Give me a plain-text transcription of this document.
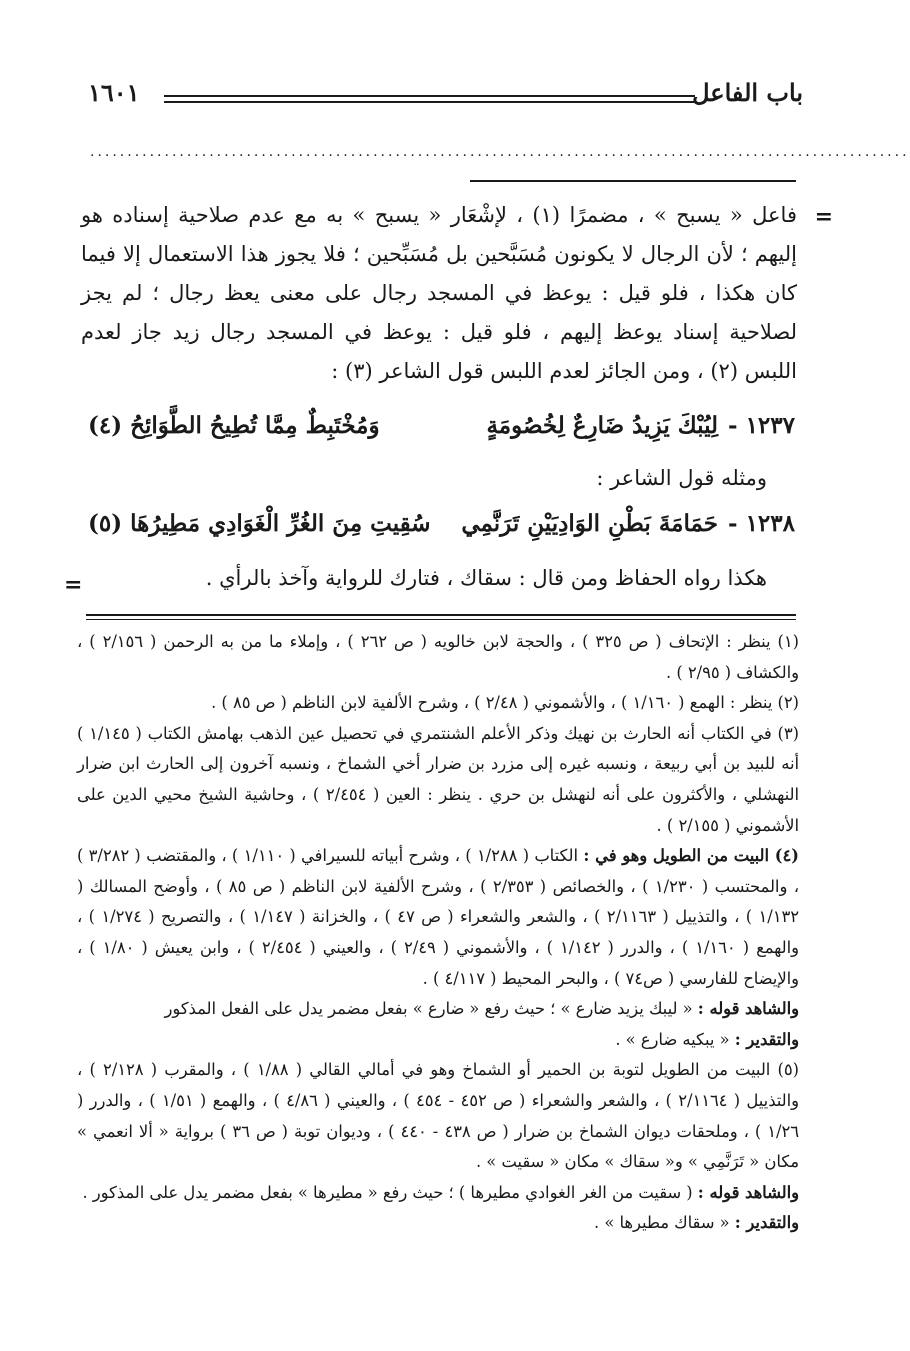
باب الفاعل
١٦٠١
..............................................................................................................
=
=

فاعل « يسبح » ، مضمرًا (١) ، لإشْعَار « يسبح » به مع عدم صلاحية إسناده هو إليهم ؛ لأن الرجال لا يكونون مُسَبَّحين بل مُسَبِّحين ؛ فلا يجوز هذا الاستعمال إلا فيما كان هكذا ، فلو قيل : يوعظ في المسجد رجال على معنى يعظ رجال ؛ لم يجز لصلاحية إسناد يوعظ إليهم ، فلو قيل : يوعظ في المسجد رجال زيد جاز لعدم اللبس (٢) ، ومن الجائز لعدم اللبس قول الشاعر (٣) :

١٢٣٧ -لِيُبْكَ يَزِيدُ ضَارِعٌ لِخُصُومَةٍ
وَمُخْتَبِطٌ مِمَّا تُطِيحُ الطَّوَائِحُ (٤)
ومثله قول الشاعر :
١٢٣٨ -حَمَامَةَ بَطْنِ الوَادِيَيْنِ تَرَنَّمِي
سُقِيتِ مِنَ الغُرِّ الْغَوَادِي مَطِيرُهَا (٥)
هكذا رواه الحفاظ ومن قال : سقاك ، فتارك للرواية وآخذ بالرأي .

(١) ينظر : الإتحاف ( ص ٣٢٥ ) ، والحجة لابن خالويه ( ص ٢٦٢ ) ، وإملاء ما من به الرحمن ( ٢/١٥٦ ) ، والكشاف ( ٢/٩٥ ) .

(٢) ينظر : الهمع ( ١/١٦٠ ) ، والأشموني ( ٢/٤٨ ) ، وشرح الألفية لابن الناظم ( ص ٨٥ ) .

(٣) في الكتاب أنه الحارث بن نهيك وذكر الأعلم الشنتمري في تحصيل عين الذهب بهامش الكتاب ( ١/١٤٥ ) أنه للبيد بن أبي ربيعة ، ونسبه غيره إلى مزرد بن ضرار أخي الشماخ ، ونسبه آخرون إلى الحارث ابن ضرار النهشلي ، والأكثرون على أنه لنهشل بن حري . ينظر : العين ( ٢/٤٥٤ ) ، وحاشية الشيخ محيي الدين على الأشموني ( ٢/١٥٥ ) .

(٤) البيت من الطويل وهو في : الكتاب ( ١/٢٨٨ ) ، وشرح أبياته للسيرافي ( ١/١١٠ ) ، والمقتضب ( ٣/٢٨٢ ) ، والمحتسب ( ١/٢٣٠ ) ، والخصائص ( ٢/٣٥٣ ) ، وشرح الألفية لابن الناظم ( ص ٨٥ ) ، وأوضح المسالك ( ١/١٣٢ ) ، والتذييل ( ٢/١١٦٣ ) ، والشعر والشعراء ( ص ٤٧ ) ، والخزانة ( ١/١٤٧ ) ، والتصريح ( ١/٢٧٤ ) ، والهمع ( ١/١٦٠ ) ، والدرر ( ١/١٤٢ ) ، والأشموني ( ٢/٤٩ ) ، والعيني ( ٢/٤٥٤ ) ، وابن يعيش ( ١/٨٠ ) ، والإيضاح للفارسي ( ص٧٤ ) ، والبحر المحيط ( ٤/١١٧ ) .

والشاهد قوله : « ليبك يزيد ضارع » ؛ حيث رفع « ضارع » بفعل مضمر يدل على الفعل المذكور

والتقدير : « يبكيه ضارع » .

(٥) البيت من الطويل لتوبة بن الحمير أو الشماخ وهو في أمالي القالي ( ١/٨٨ ) ، والمقرب ( ٢/١٢٨ ) ، والتذييل ( ٢/١١٦٤ ) ، والشعر والشعراء ( ص ٤٥٢ - ٤٥٤ ) ، والعيني ( ٤/٨٦ ) ، والهمع ( ١/٥١ ) ، والدرر ( ١/٢٦ ) ، وملحقات ديوان الشماخ بن ضرار ( ص ٤٣٨ - ٤٤٠ ) ، وديوان توبة ( ص ٣٦ ) برواية « ألا انعمي » مكان « تَرَنَّمِي » و« سقاك » مكان « سقيت » .

والشاهد قوله : ( سقيت من الغر الغوادي مطيرها ) ؛ حيث رفع « مطيرها » بفعل مضمر يدل على المذكور .

والتقدير : « سقاك مطيرها » .
